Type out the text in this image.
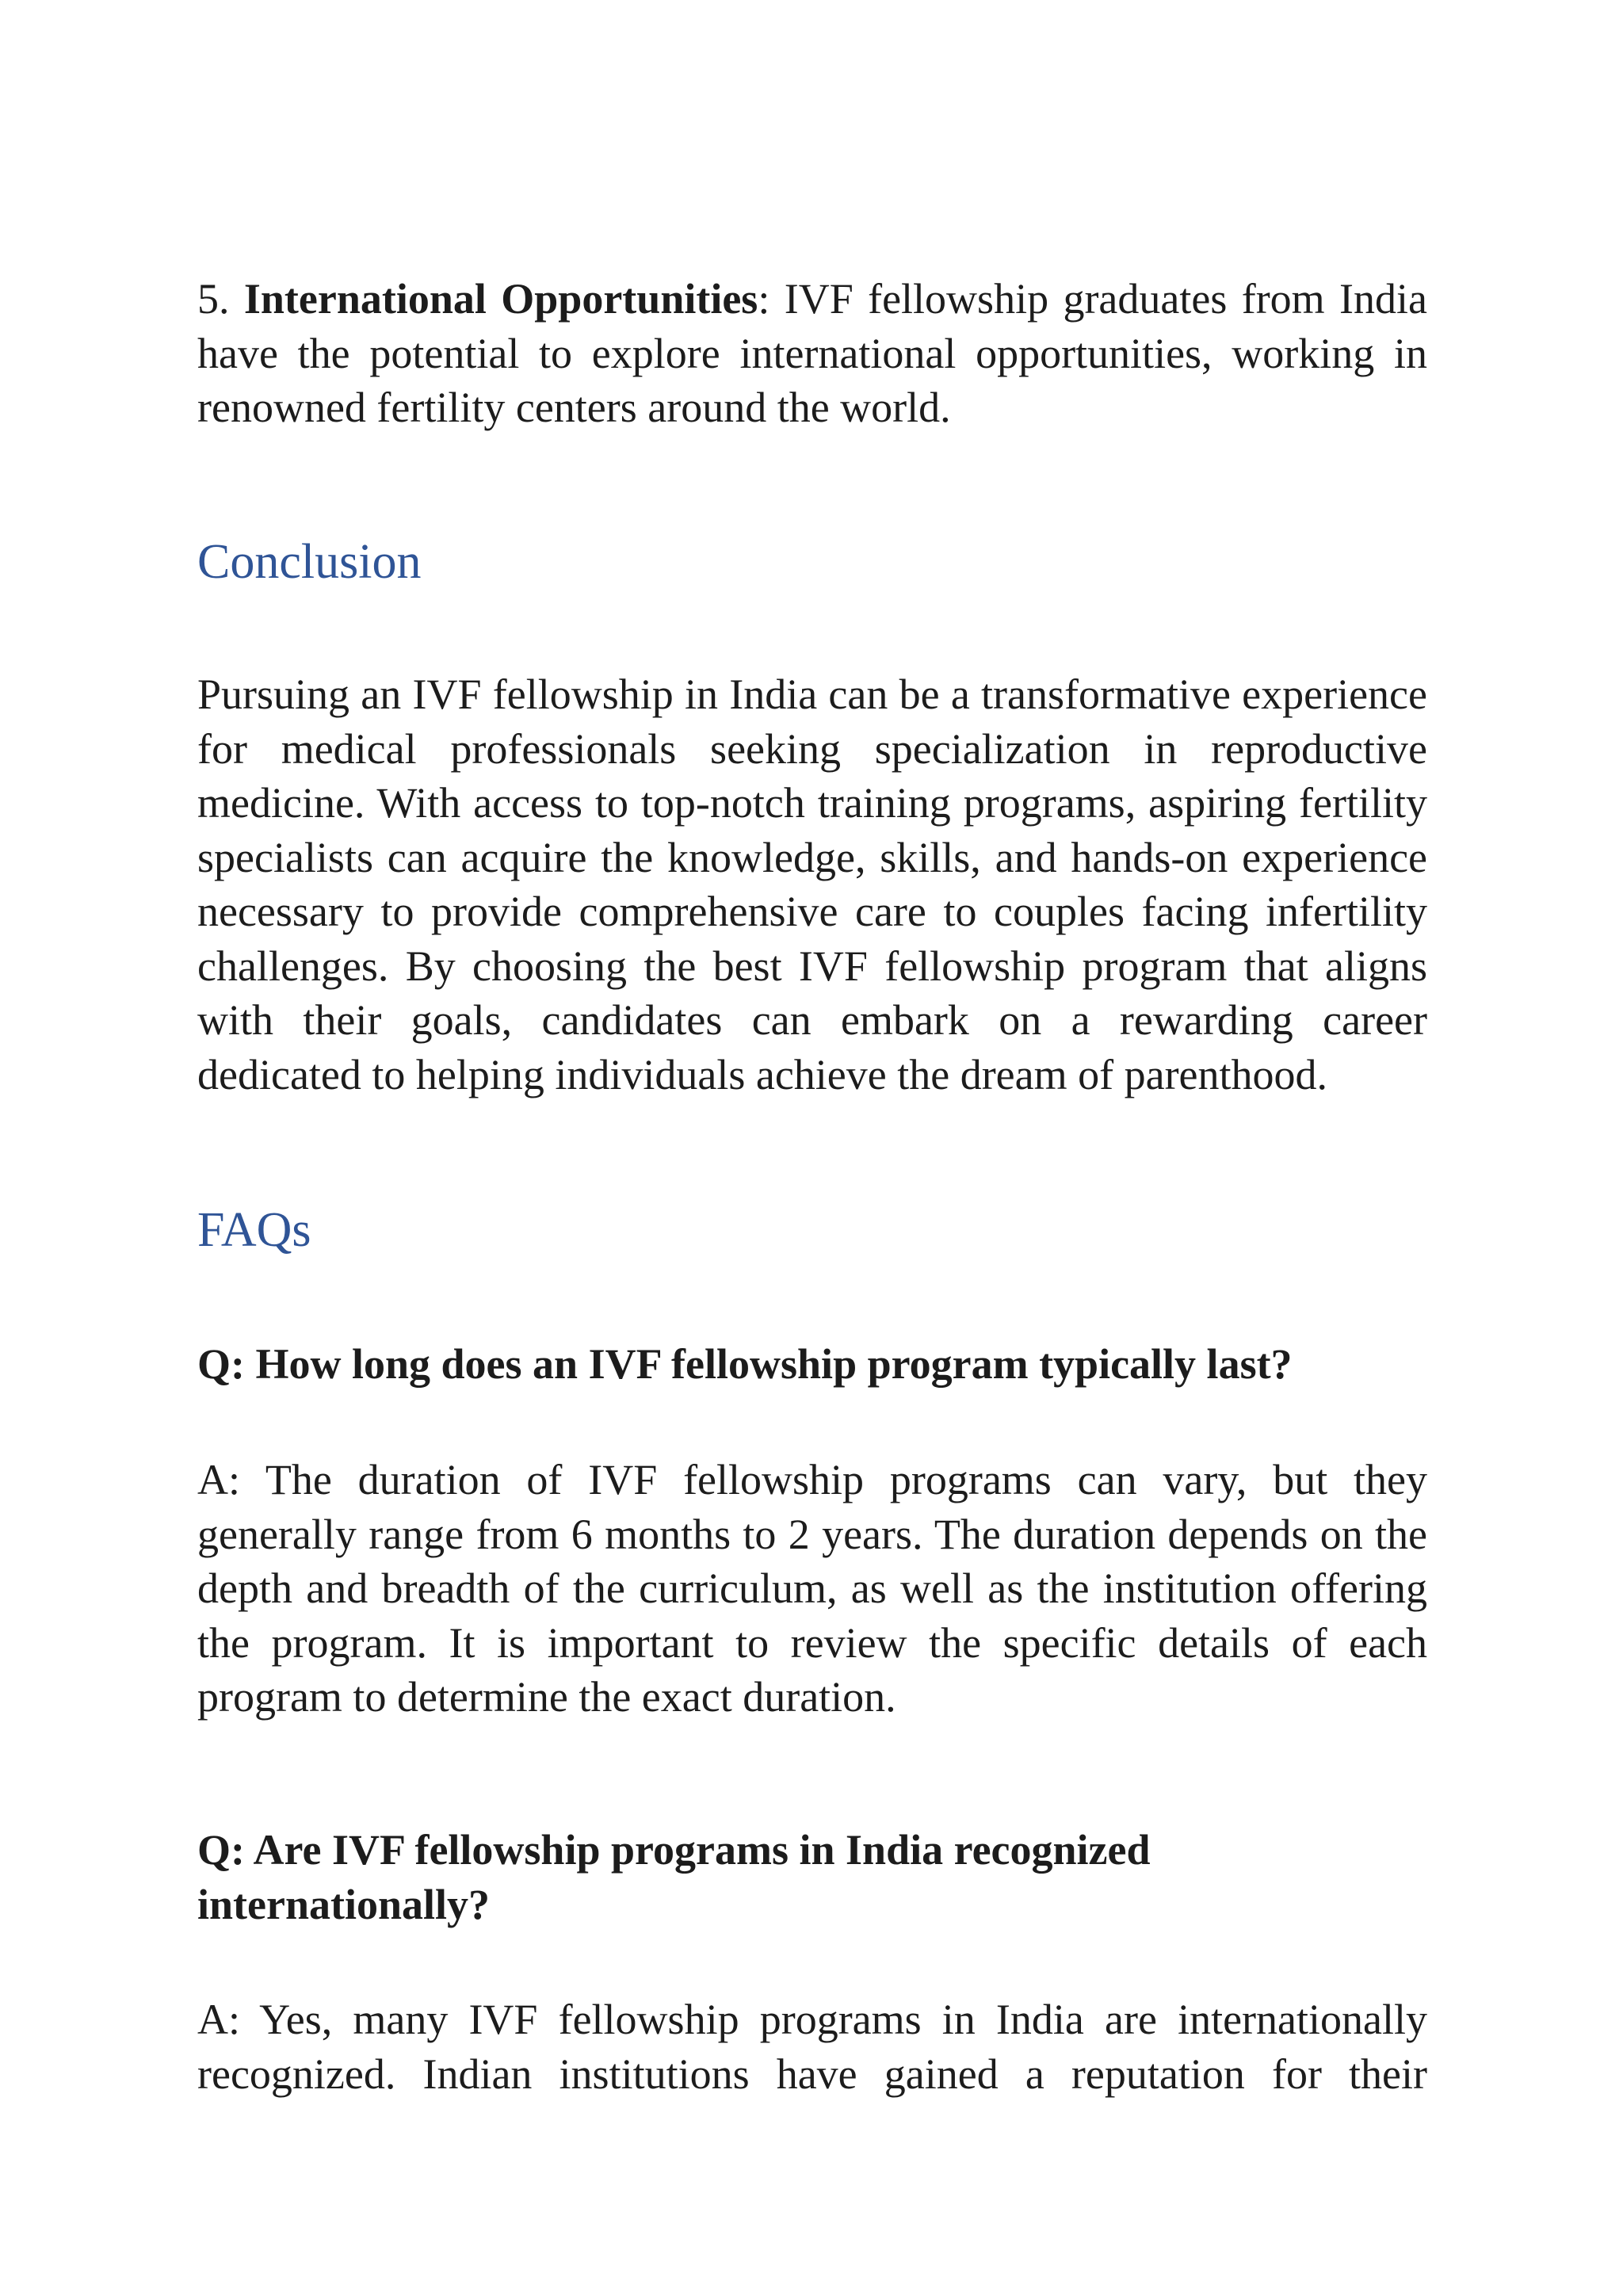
5. International Opportunities: IVF fellowship graduates from India have the potential to explore international opportunities, working in renowned fertility centers around the world.

Conclusion

Pursuing an IVF fellowship in India can be a transformative experience for medical professionals seeking specialization in reproductive medicine. With access to top-notch training programs, aspiring fertility specialists can acquire the knowledge, skills, and hands-on experience necessary to provide comprehensive care to couples facing infertility challenges. By choosing the best IVF fellowship program that aligns with their goals, candidates can embark on a rewarding career dedicated to helping individuals achieve the dream of parenthood.

FAQs

Q: How long does an IVF fellowship program typically last?

A: The duration of IVF fellowship programs can vary, but they generally range from 6 months to 2 years. The duration depends on the depth and breadth of the curriculum, as well as the institution offering the program. It is important to review the specific details of each program to determine the exact duration.

Q: Are IVF fellowship programs in India recognized internationally?

A: Yes, many IVF fellowship programs in India are internationally recognized. Indian institutions have gained a reputation for their
